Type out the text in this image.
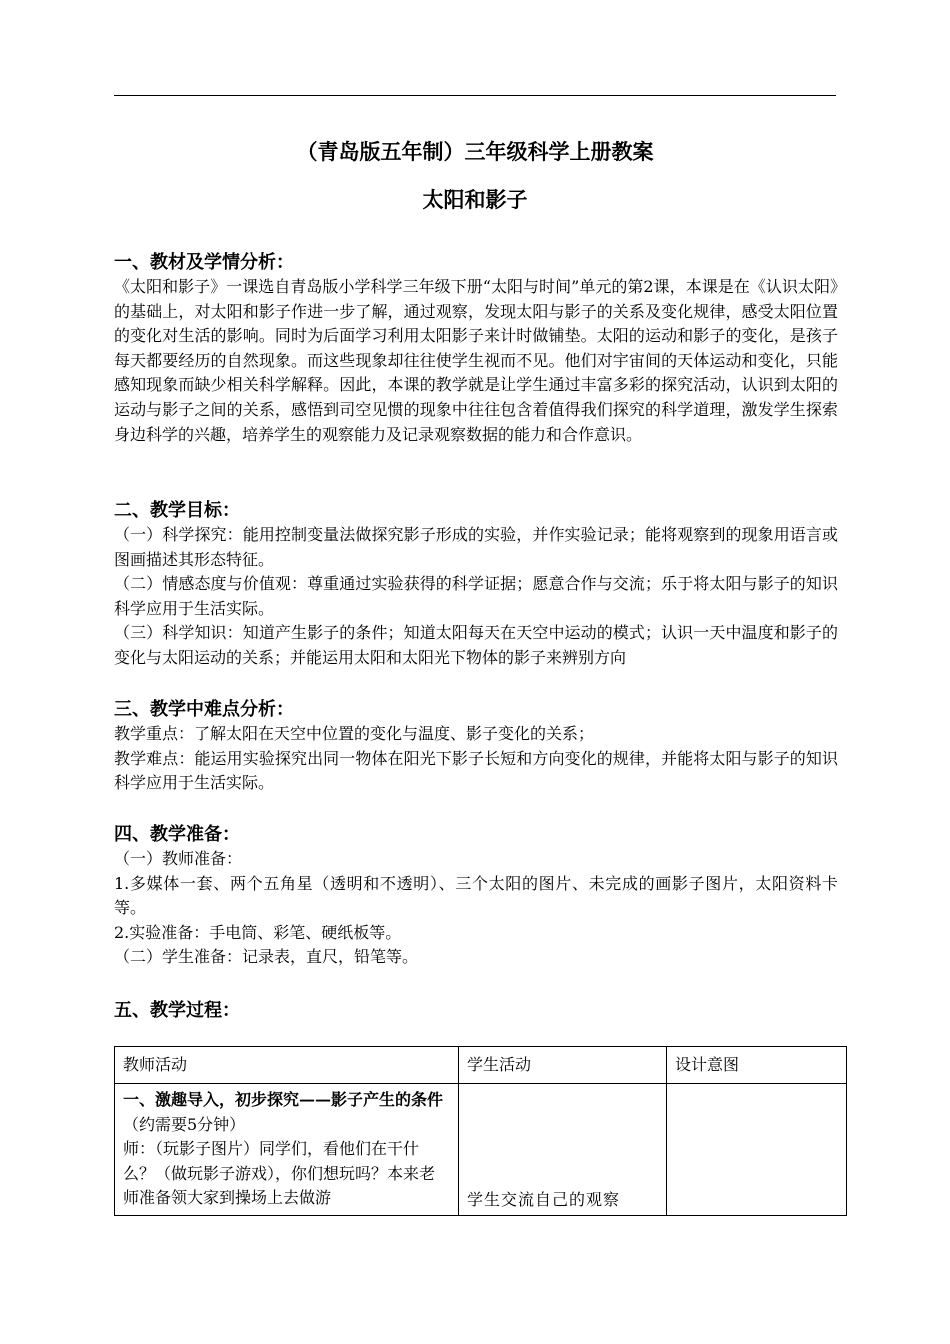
（青岛版五年制）三年级科学上册教案
太阳和影子
一、教材及学情分析：

《太阳和影子》一课选自青岛版小学科学三年级下册“太阳与时间”单元的第2课，本课是在《认识太阳》的基础上，对太阳和影子作进一步了解，通过观察，发现太阳与影子的关系及变化规律，感受太阳位置的变化对生活的影响。同时为后面学习利用太阳影子来计时做铺垫。太阳的运动和影子的变化，是孩子每天都要经历的自然现象。而这些现象却往往使学生视而不见。他们对宇宙间的天体运动和变化，只能感知现象而缺少相关科学解释。因此，本课的教学就是让学生通过丰富多彩的探究活动，认识到太阳的运动与影子之间的关系，感悟到司空见惯的现象中往往包含着值得我们探究的科学道理，激发学生探索身边科学的兴趣，培养学生的观察能力及记录观察数据的能力和合作意识。

二、教学目标：

（一）科学探究：能用控制变量法做探究影子形成的实验，并作实验记录；能将观察到的现象用语言或图画描述其形态特征。

（二）情感态度与价值观：尊重通过实验获得的科学证据；愿意合作与交流；乐于将太阳与影子的知识科学应用于生活实际。

（三）科学知识：知道产生影子的条件；知道太阳每天在天空中运动的模式；认识一天中温度和影子的变化与太阳运动的关系；并能运用太阳和太阳光下物体的影子来辨别方向

三、教学中难点分析：

教学重点：了解太阳在天空中位置的变化与温度、影子变化的关系；

教学难点：能运用实验探究出同一物体在阳光下影子长短和方向变化的规律，并能将太阳与影子的知识科学应用于生活实际。

四、教学准备：

（一）教师准备：

1.多媒体一套、两个五角星（透明和不透明）、三个太阳的图片、未完成的画影子图片，太阳资料卡等。

2.实验准备：手电筒、彩笔、硬纸板等。

（二）学生准备：记录表，直尺，铅笔等。

五、教学过程：
教师活动	学生活动	设计意图
一、激趣导入，初步探究——影子产生的条件（约需要5分钟）
师：（玩影子图片）同学们，看他们在干什么？（做玩影子游戏），你们想玩吗？本来老师准备领大家到操场上去做游	学生交流自己的观察	
